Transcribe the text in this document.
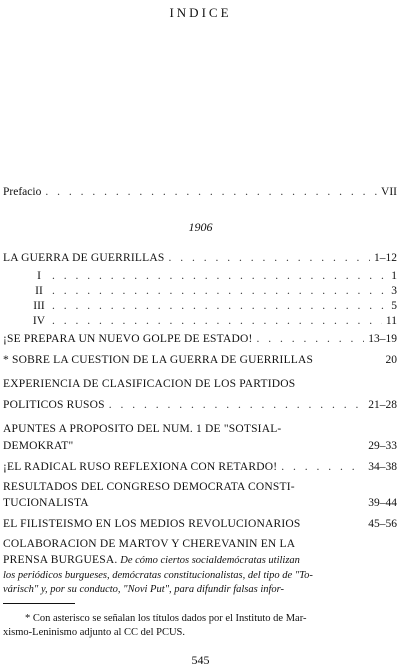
INDICE
Prefacio . . .	VII
1906
LA GUERRA DE GUERRILLAS . . .	1–12
I . . .	1
II . . .	3
III . . .	5
IV . . .	11
¡SE PREPARA UN NUEVO GOLPE DE ESTADO! . . .	13–19
* SOBRE LA CUESTION DE LA GUERRA DE GUERRILLAS	20
EXPERIENCIA DE CLASIFICACION DE LOS PARTIDOS
POLITICOS RUSOS . . .	21–28
APUNTES A PROPOSITO DEL NUM. 1 DE "SOTSIAL-
DEMOKRAT"	29–33
¡EL RADICAL RUSO REFLEXIONA CON RETARDO! . . .	34–38
RESULTADOS DEL CONGRESO DEMOCRATA CONSTI-
TUCIONALISTA	39–44
EL FILISTEISMO EN LOS MEDIOS REVOLUCIONARIOS	45–56
COLABORACION DE MARTOV Y CHEREVANIN EN LA
PRENSA BURGUESA. De cómo ciertos socialdemócratas utilizan
los periódicos burgueses, demócratas constitucionalistas, del tipo de "To-
várisch" y, por su conducto, "Novi Put", para difundir falsas infor-
* Con asterisco se señalan los títulos dados por el Instituto de Mar-
xismo-Leninismo adjunto al CC del PCUS.
545
